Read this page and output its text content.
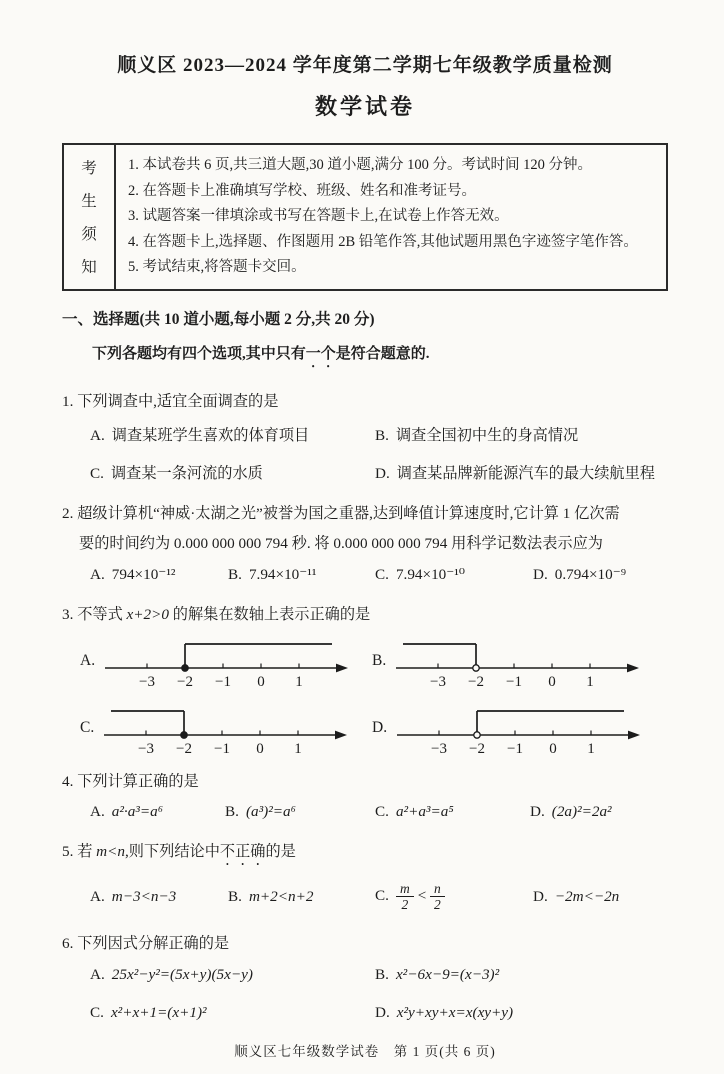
顺义区 2023—2024 学年度第二学期七年级教学质量检测
数学试卷
考
生
须
知
1. 本试卷共 6 页,共三道大题,30 道小题,满分 100 分。考试时间 120 分钟。
2. 在答题卡上准确填写学校、班级、姓名和准考证号。
3. 试题答案一律填涂或书写在答题卡上,在试卷上作答无效。
4. 在答题卡上,选择题、作图题用 2B 铅笔作答,其他试题用黑色字迹签字笔作答。
5. 考试结束,将答题卡交回。
一、选择题(共 10 道小题,每小题 2 分,共 20 分)
下列各题均有四个选项,其中只有一个是符合题意的.
1. 下列调查中,适宜全面调查的是
A. 调查某班学生喜欢的体育项目	B. 调查全国初中生的身高情况
C. 调查某一条河流的水质	D. 调查某品牌新能源汽车的最大续航里程
2. 超级计算机“神威·太湖之光”被誉为国之重器,达到峰值计算速度时,它计算 1 亿次需
要的时间约为 0.000 000 000 794 秒. 将 0.000 000 000 794 用科学记数法表示应为
A. 794×10⁻¹²	B. 7.94×10⁻¹¹	C. 7.94×10⁻¹⁰	D. 0.794×10⁻⁹
3. 不等式 x+2>0 的解集在数轴上表示正确的是
A.
−3 −2 −1 0 1
B.
−3 −2 −1 0 1
C.
−3 −2 −1 0 1
D.
−3 −2 −1 0 1
4. 下列计算正确的是
A. a²·a³=a⁶	B. (a³)²=a⁶	C. a²+a³=a⁵	D. (2a)²=2a²
5. 若 m<n,则下列结论中不正确的是
A. m−3<n−3	B. m+2<n+2	C. $\frac{m}{2} < \frac{n}{2}$	D. −2m<−2n
6. 下列因式分解正确的是
A. 25x²−y²=(5x+y)(5x−y)	B. x²−6x−9=(x−3)²
C. x²+x+1=(x+1)²	D. x²y+xy+x=x(xy+y)
顺义区七年级数学试卷　第 1 页(共 6 页)
